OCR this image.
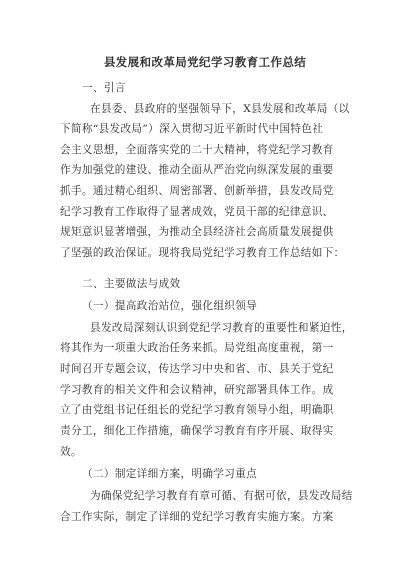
县发展和改革局党纪学习教育工作总结
一、引言
在县委、县政府的坚强领导下，X县发展和改革局（以
下简称“县发改局”）深入贯彻习近平新时代中国特色社
会主义思想，全面落实党的二十大精神，将党纪学习教育
作为加强党的建设、推动全面从严治党向纵深发展的重要
抓手。通过精心组织、周密部署、创新举措，县发改局党
纪学习教育工作取得了显著成效，党员干部的纪律意识、
规矩意识显著增强，为推动全县经济社会高质量发展提供
了坚强的政治保证。现将我局党纪学习教育工作总结如下：
二、主要做法与成效
（一）提高政治站位，强化组织领导
县发改局深刻认识到党纪学习教育的重要性和紧迫性，
将其作为一项重大政治任务来抓。局党组高度重视，第一
时间召开专题会议，传达学习中央和省、市、县关于党纪
学习教育的相关文件和会议精神，研究部署具体工作。成
立了由党组书记任组长的党纪学习教育领导小组，明确职
责分工，细化工作措施，确保学习教育有序开展、取得实
效。
（二）制定详细方案，明确学习重点
为确保党纪学习教育有章可循、有据可依，县发改局结
合工作实际，制定了详细的党纪学习教育实施方案。方案
